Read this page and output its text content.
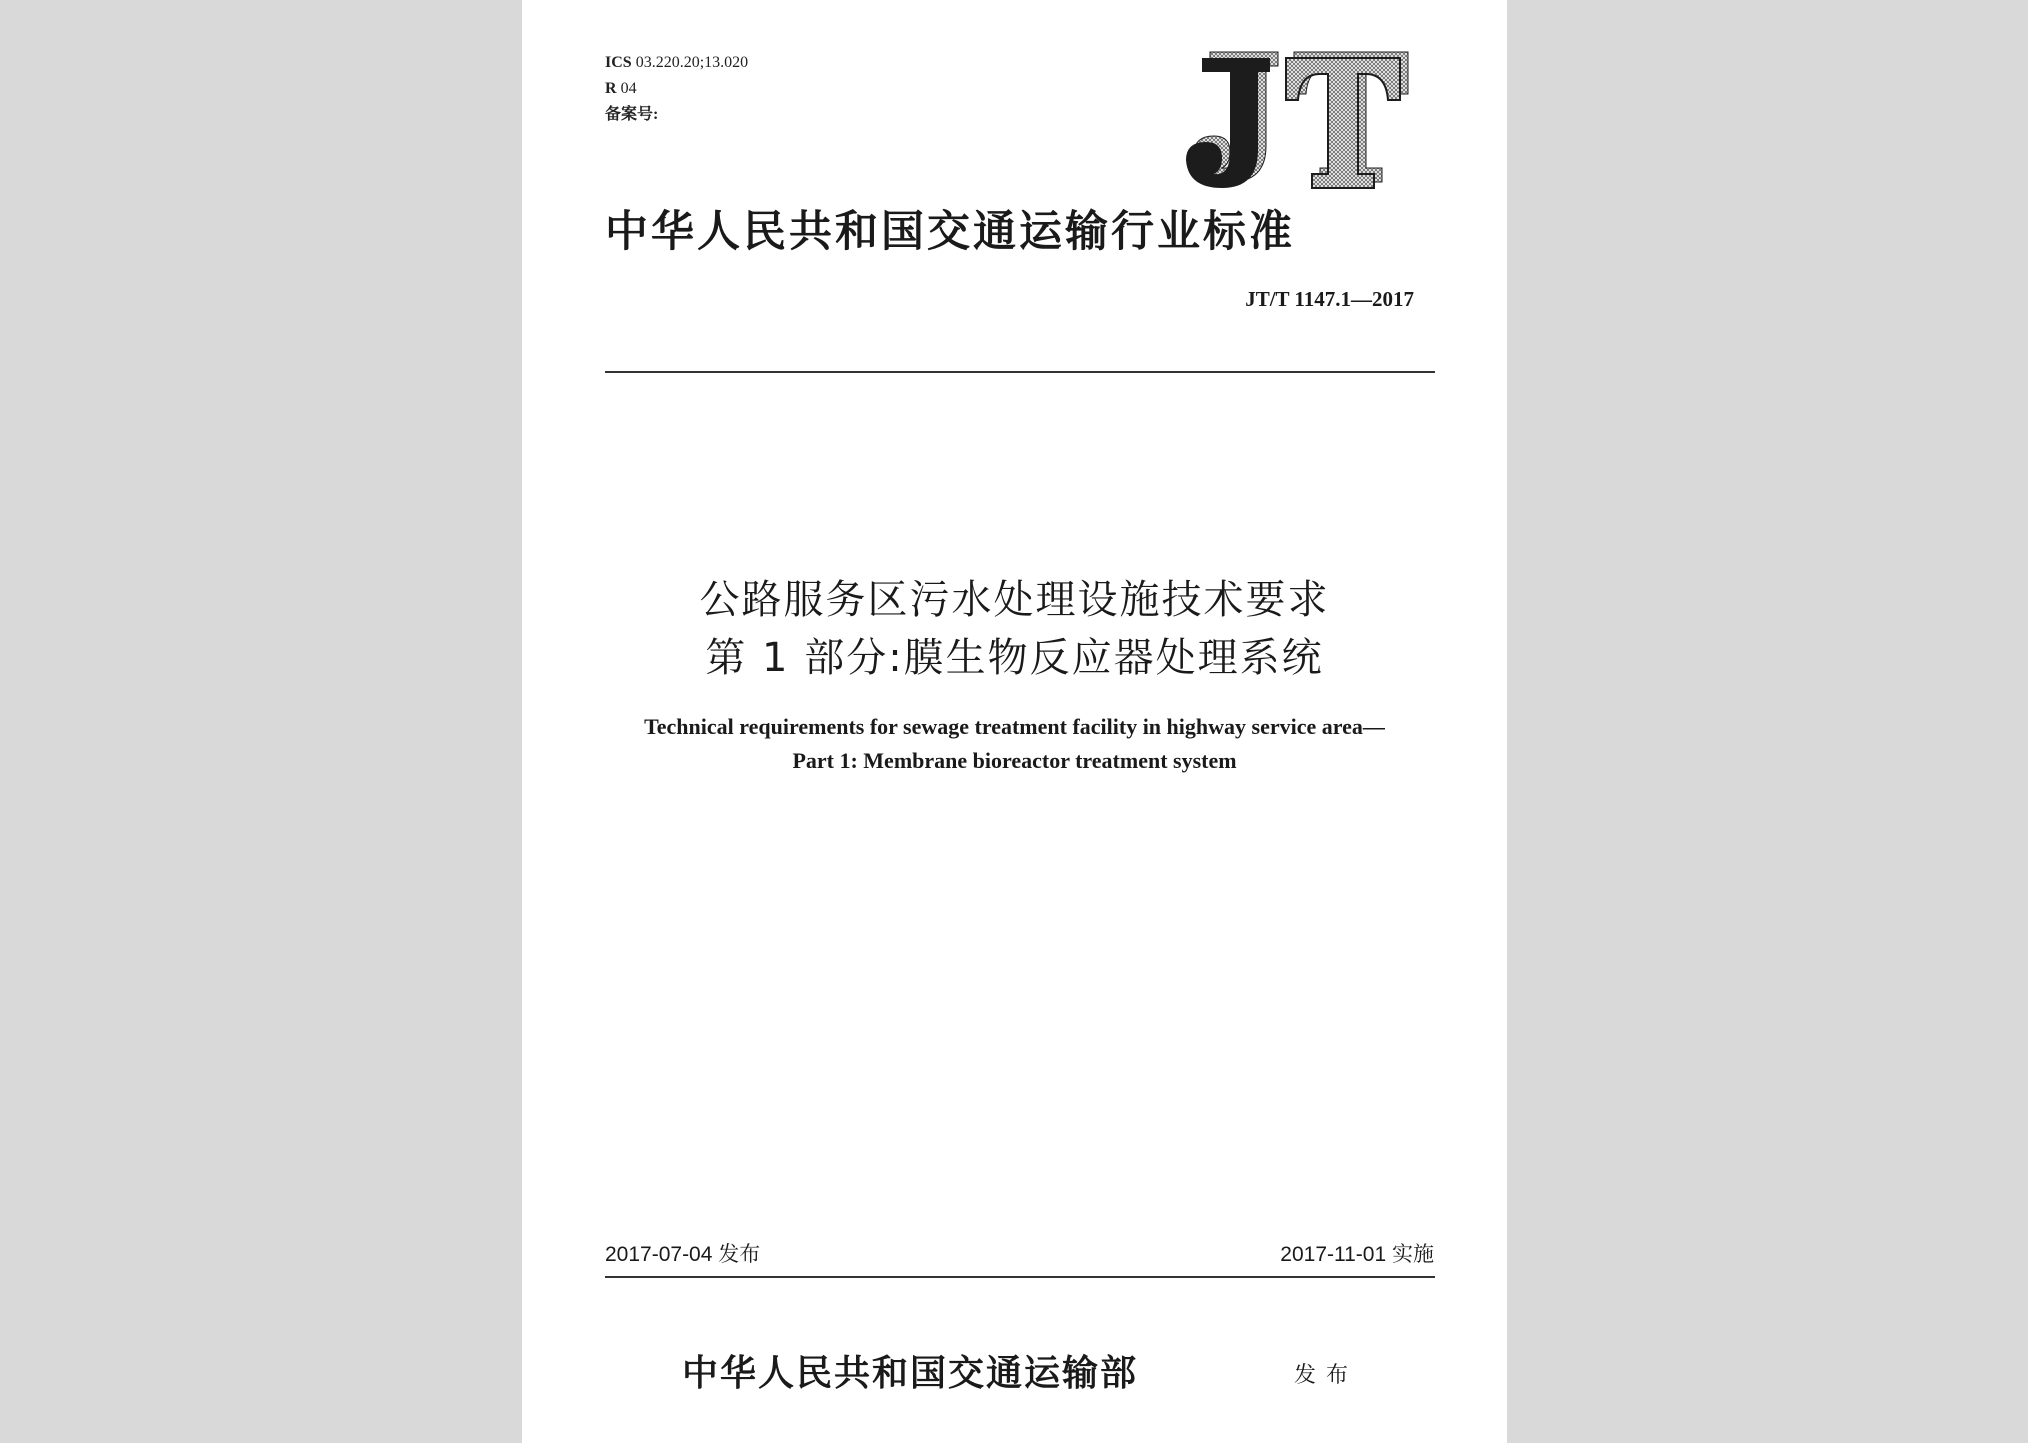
ICS 03.220.20;13.020
R 04
备案号:
中华人民共和国交通运输行业标准
JT/T 1147.1—2017
公路服务区污水处理设施技术要求
第 1 部分:膜生物反应器处理系统
Technical requirements for sewage treatment facility in highway service area—
Part 1: Membrane bioreactor treatment system
2017-07-04 发布	2017-11-01 实施
中华人民共和国交通运输部	发布
